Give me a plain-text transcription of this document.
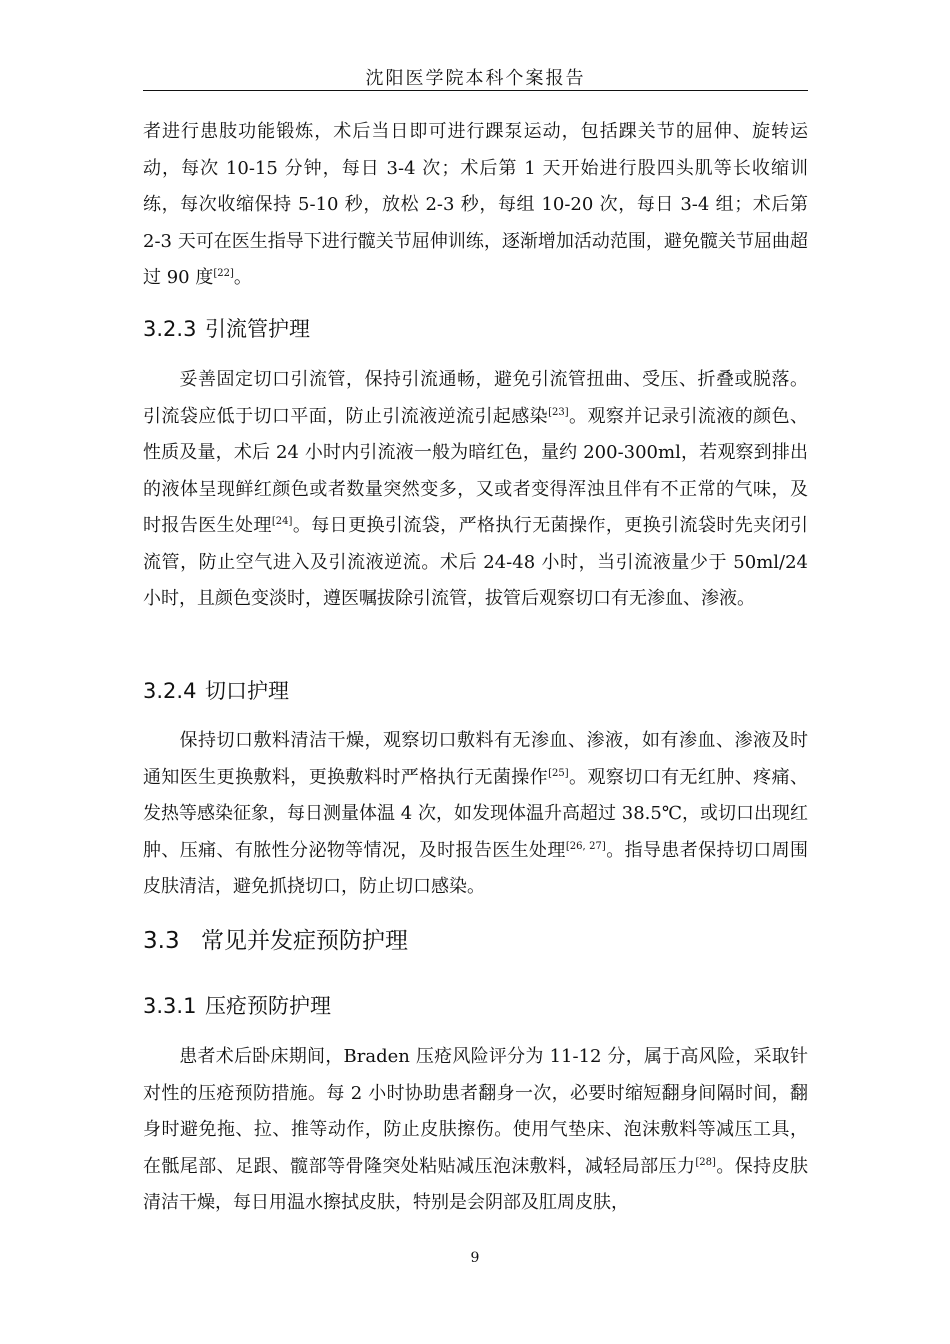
沈阳医学院本科个案报告

者进行患肢功能锻炼，术后当日即可进行踝泵运动，包括踝关节的屈伸、旋转运动，每次 10-15 分钟，每日 3-4 次；术后第 1 天开始进行股四头肌等长收缩训练，每次收缩保持 5-10 秒，放松 2-3 秒，每组 10-20 次，每日 3-4 组；术后第 2-3 天可在医生指导下进行髋关节屈伸训练，逐渐增加活动范围，避免髋关节屈曲超过 90 度[22]。

3.2.3 引流管护理

妥善固定切口引流管，保持引流通畅，避免引流管扭曲、受压、折叠或脱落。引流袋应低于切口平面，防止引流液逆流引起感染[23]。观察并记录引流液的颜色、性质及量，术后 24 小时内引流液一般为暗红色，量约 200-300ml，若观察到排出的液体呈现鲜红颜色或者数量突然变多，又或者变得浑浊且伴有不正常的气味，及时报告医生处理[24]。每日更换引流袋，严格执行无菌操作，更换引流袋时先夹闭引流管，防止空气进入及引流液逆流。术后 24-48 小时，当引流液量少于 50ml/24 小时，且颜色变淡时，遵医嘱拔除引流管，拔管后观察切口有无渗血、渗液。

3.2.4 切口护理

保持切口敷料清洁干燥，观察切口敷料有无渗血、渗液，如有渗血、渗液及时通知医生更换敷料，更换敷料时严格执行无菌操作[25]。观察切口有无红肿、疼痛、发热等感染征象，每日测量体温 4 次，如发现体温升高超过 38.5℃，或切口出现红肿、压痛、有脓性分泌物等情况，及时报告医生处理[26, 27]。指导患者保持切口周围皮肤清洁，避免抓挠切口，防止切口感染。

3.3 常见并发症预防护理
3.3.1 压疮预防护理

患者术后卧床期间，Braden 压疮风险评分为 11-12 分，属于高风险，采取针对性的压疮预防措施。每 2 小时协助患者翻身一次，必要时缩短翻身间隔时间，翻身时避免拖、拉、推等动作，防止皮肤擦伤。使用气垫床、泡沫敷料等减压工具，在骶尾部、足跟、髋部等骨隆突处粘贴减压泡沫敷料，减轻局部压力[28]。保持皮肤清洁干燥，每日用温水擦拭皮肤，特别是会阴部及肛周皮肤，

9
